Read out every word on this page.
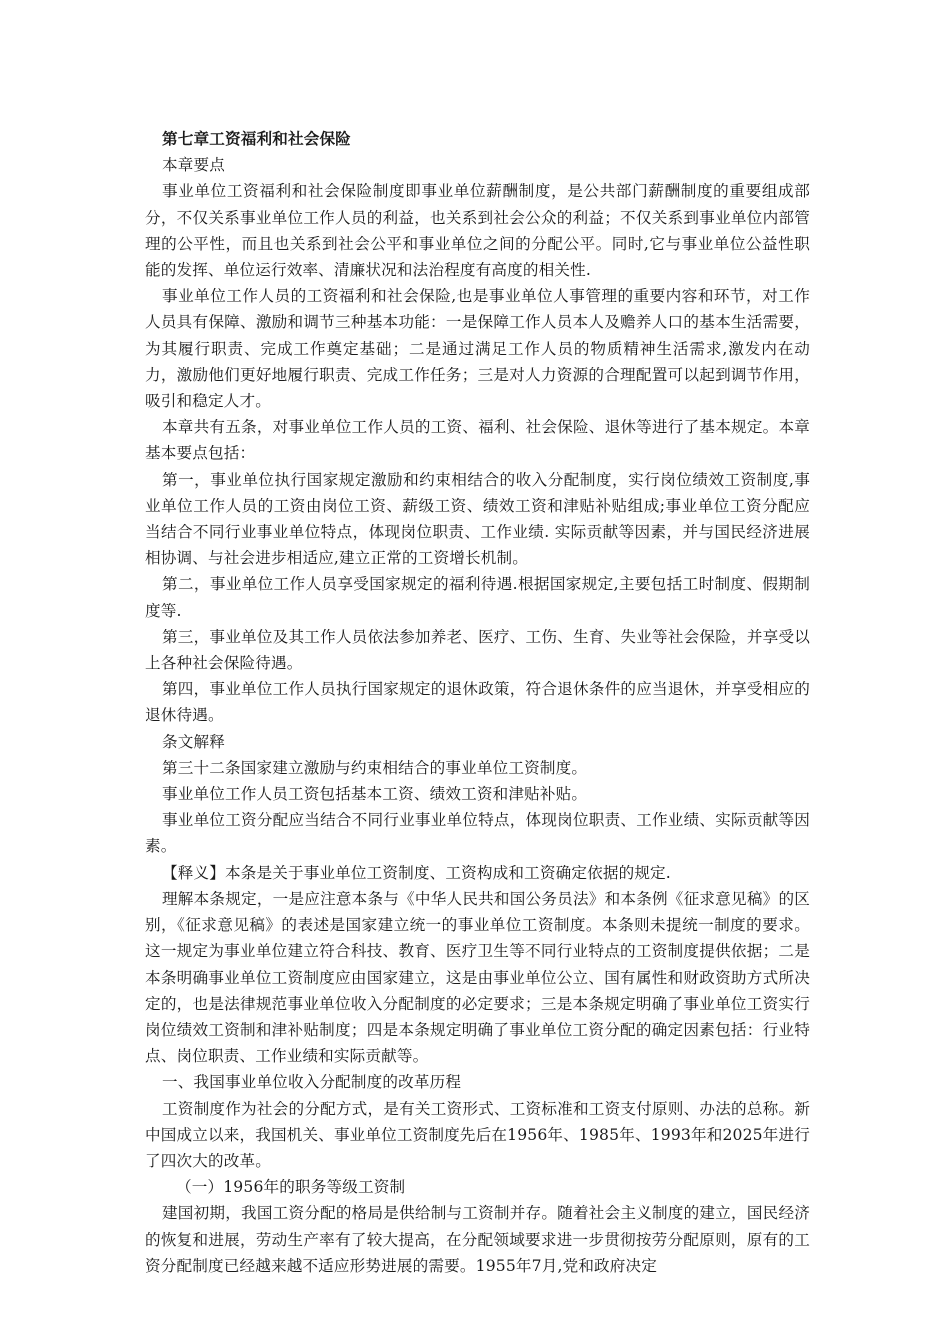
第七章工资福利和社会保险

本章要点

事业单位工资福利和社会保险制度即事业单位薪酬制度，是公共部门薪酬制度的重要组成部分，不仅关系事业单位工作人员的利益，也关系到社会公众的利益；不仅关系到事业单位内部管理的公平性，而且也关系到社会公平和事业单位之间的分配公平。同时,它与事业单位公益性职能的发挥、单位运行效率、清廉状况和法治程度有高度的相关性.

事业单位工作人员的工资福利和社会保险,也是事业单位人事管理的重要内容和环节，对工作人员具有保障、激励和调节三种基本功能：一是保障工作人员本人及赡养人口的基本生活需要，为其履行职责、完成工作奠定基础；二是通过满足工作人员的物质精神生活需求,激发内在动力，激励他们更好地履行职责、完成工作任务；三是对人力资源的合理配置可以起到调节作用，吸引和稳定人才。

本章共有五条，对事业单位工作人员的工资、福利、社会保险、退休等进行了基本规定。本章基本要点包括：

第一，事业单位执行国家规定激励和约束相结合的收入分配制度，实行岗位绩效工资制度,事业单位工作人员的工资由岗位工资、薪级工资、绩效工资和津贴补贴组成;事业单位工资分配应当结合不同行业事业单位特点，体现岗位职责、工作业绩. 实际贡献等因素，并与国民经济进展相协调、与社会进步相适应,建立正常的工资增长机制。

第二，事业单位工作人员享受国家规定的福利待遇.根据国家规定,主要包括工时制度、假期制度等.

第三，事业单位及其工作人员依法参加养老、医疗、工伤、生育、失业等社会保险，并享受以上各种社会保险待遇。

第四，事业单位工作人员执行国家规定的退休政策，符合退休条件的应当退休，并享受相应的退休待遇。

条文解释

第三十二条国家建立激励与约束相结合的事业单位工资制度。

事业单位工作人员工资包括基本工资、绩效工资和津贴补贴。

事业单位工资分配应当结合不同行业事业单位特点，体现岗位职责、工作业绩、实际贡献等因素。

【释义】本条是关于事业单位工资制度、工资构成和工资确定依据的规定.

理解本条规定，一是应注意本条与《中华人民共和国公务员法》和本条例《征求意见稿》的区别，《征求意见稿》的表述是国家建立统一的事业单位工资制度。本条则未提统一制度的要求。这一规定为事业单位建立符合科技、教育、医疗卫生等不同行业特点的工资制度提供依据；二是本条明确事业单位工资制度应由国家建立，这是由事业单位公立、国有属性和财政资助方式所决定的，也是法律规范事业单位收入分配制度的必定要求；三是本条规定明确了事业单位工资实行岗位绩效工资制和津补贴制度；四是本条规定明确了事业单位工资分配的确定因素包括：行业特点、岗位职责、工作业绩和实际贡献等。

一、我国事业单位收入分配制度的改革历程

工资制度作为社会的分配方式，是有关工资形式、工资标准和工资支付原则、办法的总称。新中国成立以来，我国机关、事业单位工资制度先后在1956年、1985年、1993年和2025年进行了四次大的改革。

（一）1956年的职务等级工资制

建国初期，我国工资分配的格局是供给制与工资制并存。随着社会主义制度的建立，国民经济的恢复和进展，劳动生产率有了较大提高，在分配领域要求进一步贯彻按劳分配原则，原有的工资分配制度已经越来越不适应形势进展的需要。1955年7月,党和政府决定
